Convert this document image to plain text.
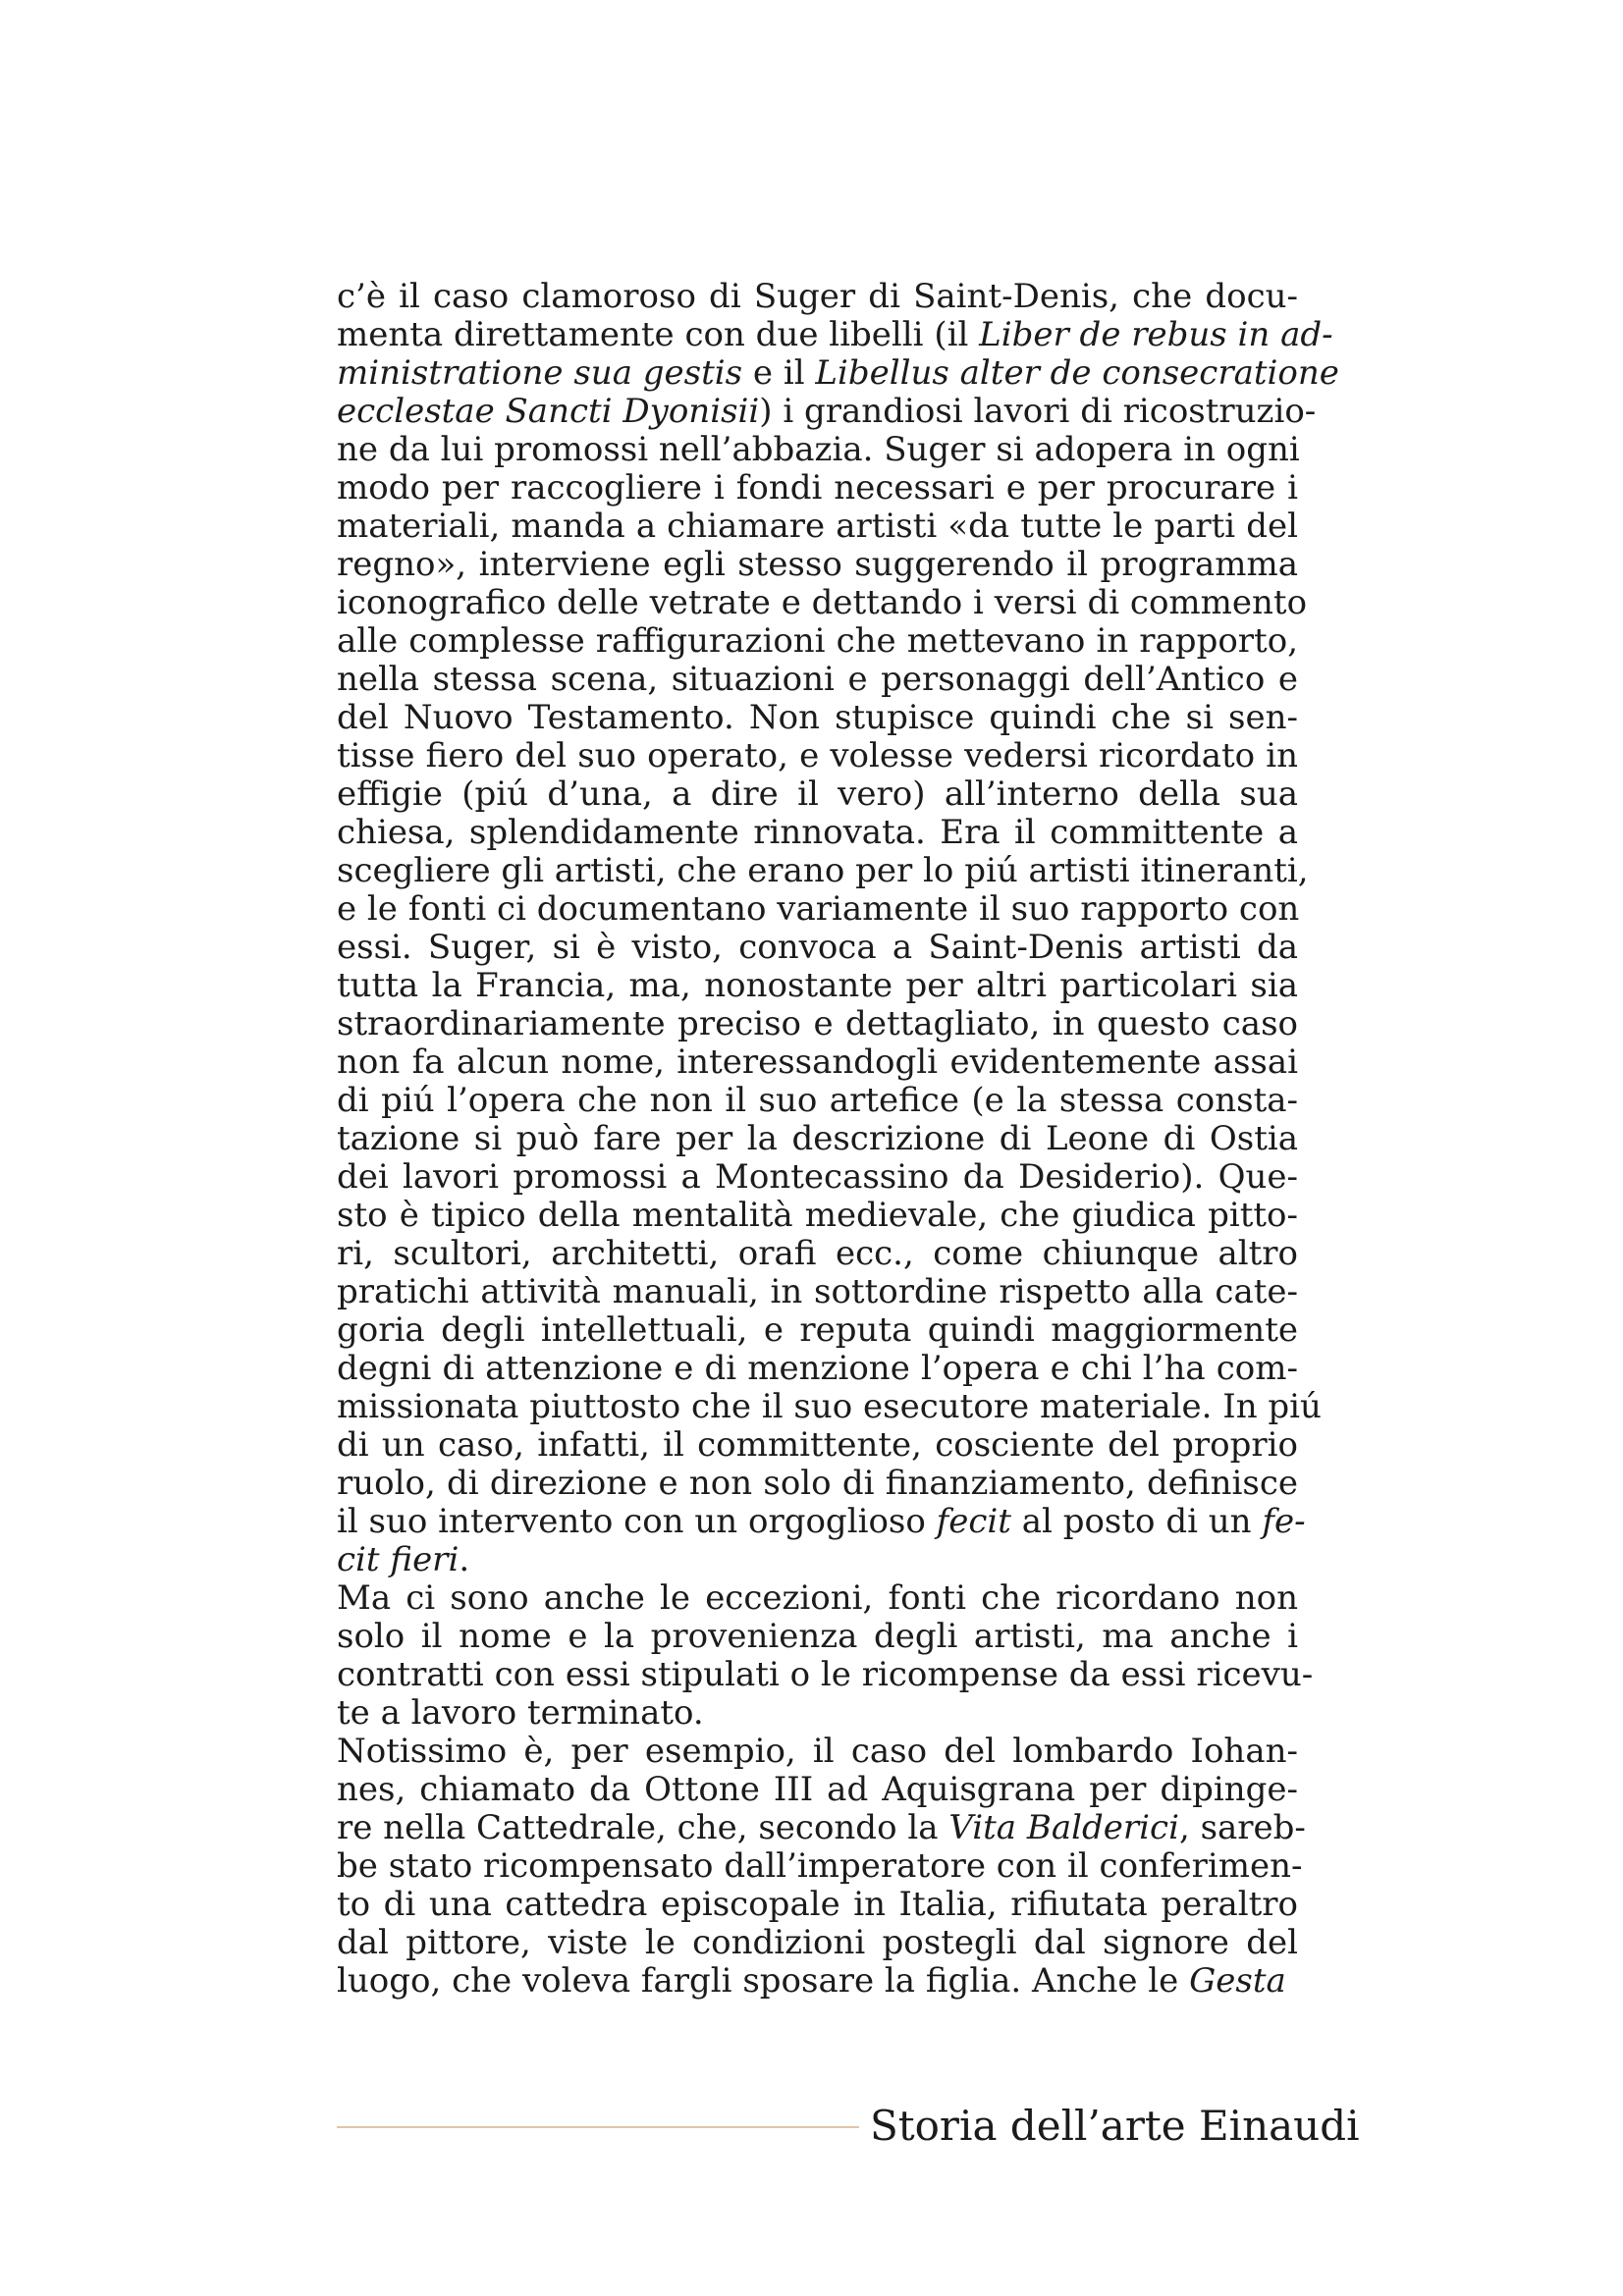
c’è il caso clamoroso di Suger di Saint-Denis, che docu-
menta direttamente con due libelli (il Liber de rebus in ad-
ministratione sua gestis e il Libellus alter de consecratione
ecclestae Sancti Dyonisii) i grandiosi lavori di ricostruzio-
ne da lui promossi nell’abbazia. Suger si adopera in ogni
modo per raccogliere i fondi necessari e per procurare i
materiali, manda a chiamare artisti «da tutte le parti del
regno», interviene egli stesso suggerendo il programma
iconografico delle vetrate e dettando i versi di commento
alle complesse raffigurazioni che mettevano in rapporto,
nella stessa scena, situazioni e personaggi dell’Antico e
del Nuovo Testamento. Non stupisce quindi che si sen-
tisse fiero del suo operato, e volesse vedersi ricordato in
effigie (piú d’una, a dire il vero) all’interno della sua
chiesa, splendidamente rinnovata. Era il committente a
scegliere gli artisti, che erano per lo piú artisti itineranti,
e le fonti ci documentano variamente il suo rapporto con
essi. Suger, si è visto, convoca a Saint-Denis artisti da
tutta la Francia, ma, nonostante per altri particolari sia
straordinariamente preciso e dettagliato, in questo caso
non fa alcun nome, interessandogli evidentemente assai
di piú l’opera che non il suo artefice (e la stessa consta-
tazione si può fare per la descrizione di Leone di Ostia
dei lavori promossi a Montecassino da Desiderio). Que-
sto è tipico della mentalità medievale, che giudica pitto-
ri, scultori, architetti, orafi ecc., come chiunque altro
pratichi attività manuali, in sottordine rispetto alla cate-
goria degli intellettuali, e reputa quindi maggiormente
degni di attenzione e di menzione l’opera e chi l’ha com-
missionata piuttosto che il suo esecutore materiale. In piú
di un caso, infatti, il committente, cosciente del proprio
ruolo, di direzione e non solo di finanziamento, definisce
il suo intervento con un orgoglioso fecit al posto di un fe-
cit fieri.
Ma ci sono anche le eccezioni, fonti che ricordano non
solo il nome e la provenienza degli artisti, ma anche i
contratti con essi stipulati o le ricompense da essi ricevu-
te a lavoro terminato.
Notissimo è, per esempio, il caso del lombardo Iohan-
nes, chiamato da Ottone III ad Aquisgrana per dipinge-
re nella Cattedrale, che, secondo la Vita Balderici, sareb-
be stato ricompensato dall’imperatore con il conferimen-
to di una cattedra episcopale in Italia, rifiutata peraltro
dal pittore, viste le condizioni postegli dal signore del
luogo, che voleva fargli sposare la figlia. Anche le Gesta
Storia dell’arte Einaudi
